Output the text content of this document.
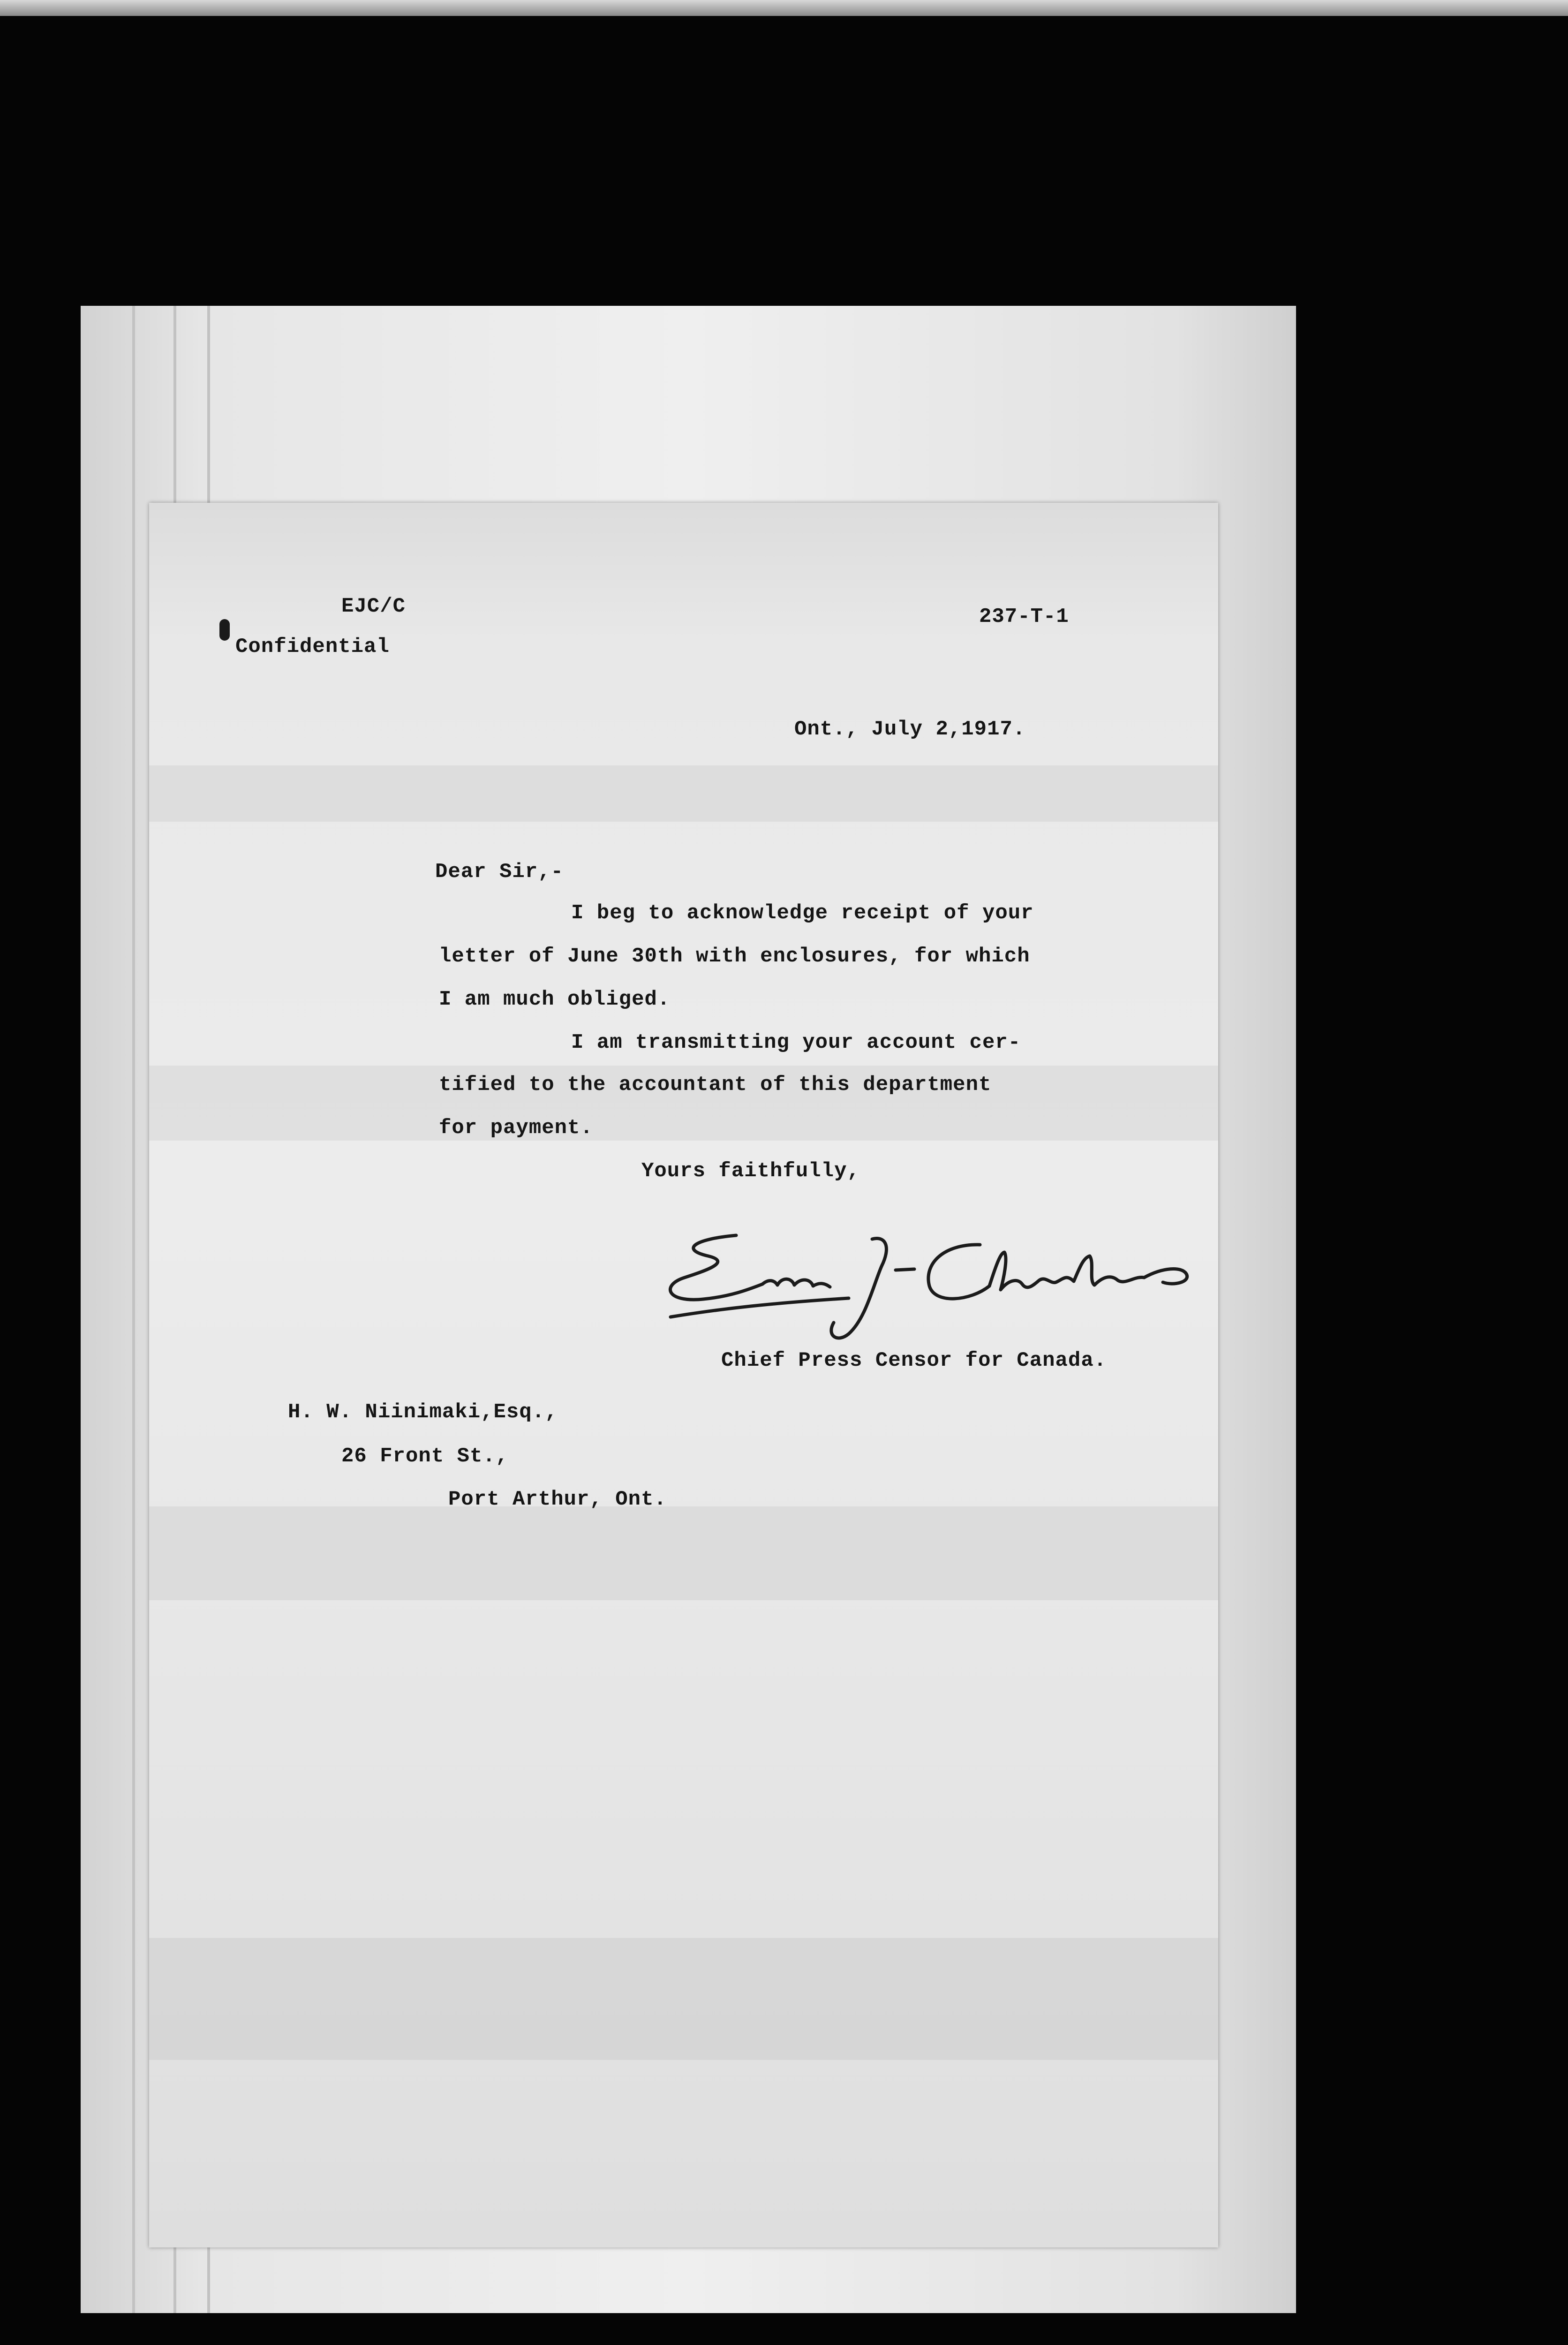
EJC/C	237-T-1
Confidential
Ont., July 2,1917.
Dear Sir,-
I beg to acknowledge receipt of your
letter of June 30th with enclosures, for which
I am much obliged.
I am transmitting your account cer-
tified to the accountant of this department
for payment.
Yours faithfully,
Chief Press Censor for Canada.
H. W. Niinimaki,Esq.,
26 Front St.,
Port Arthur, Ont.
